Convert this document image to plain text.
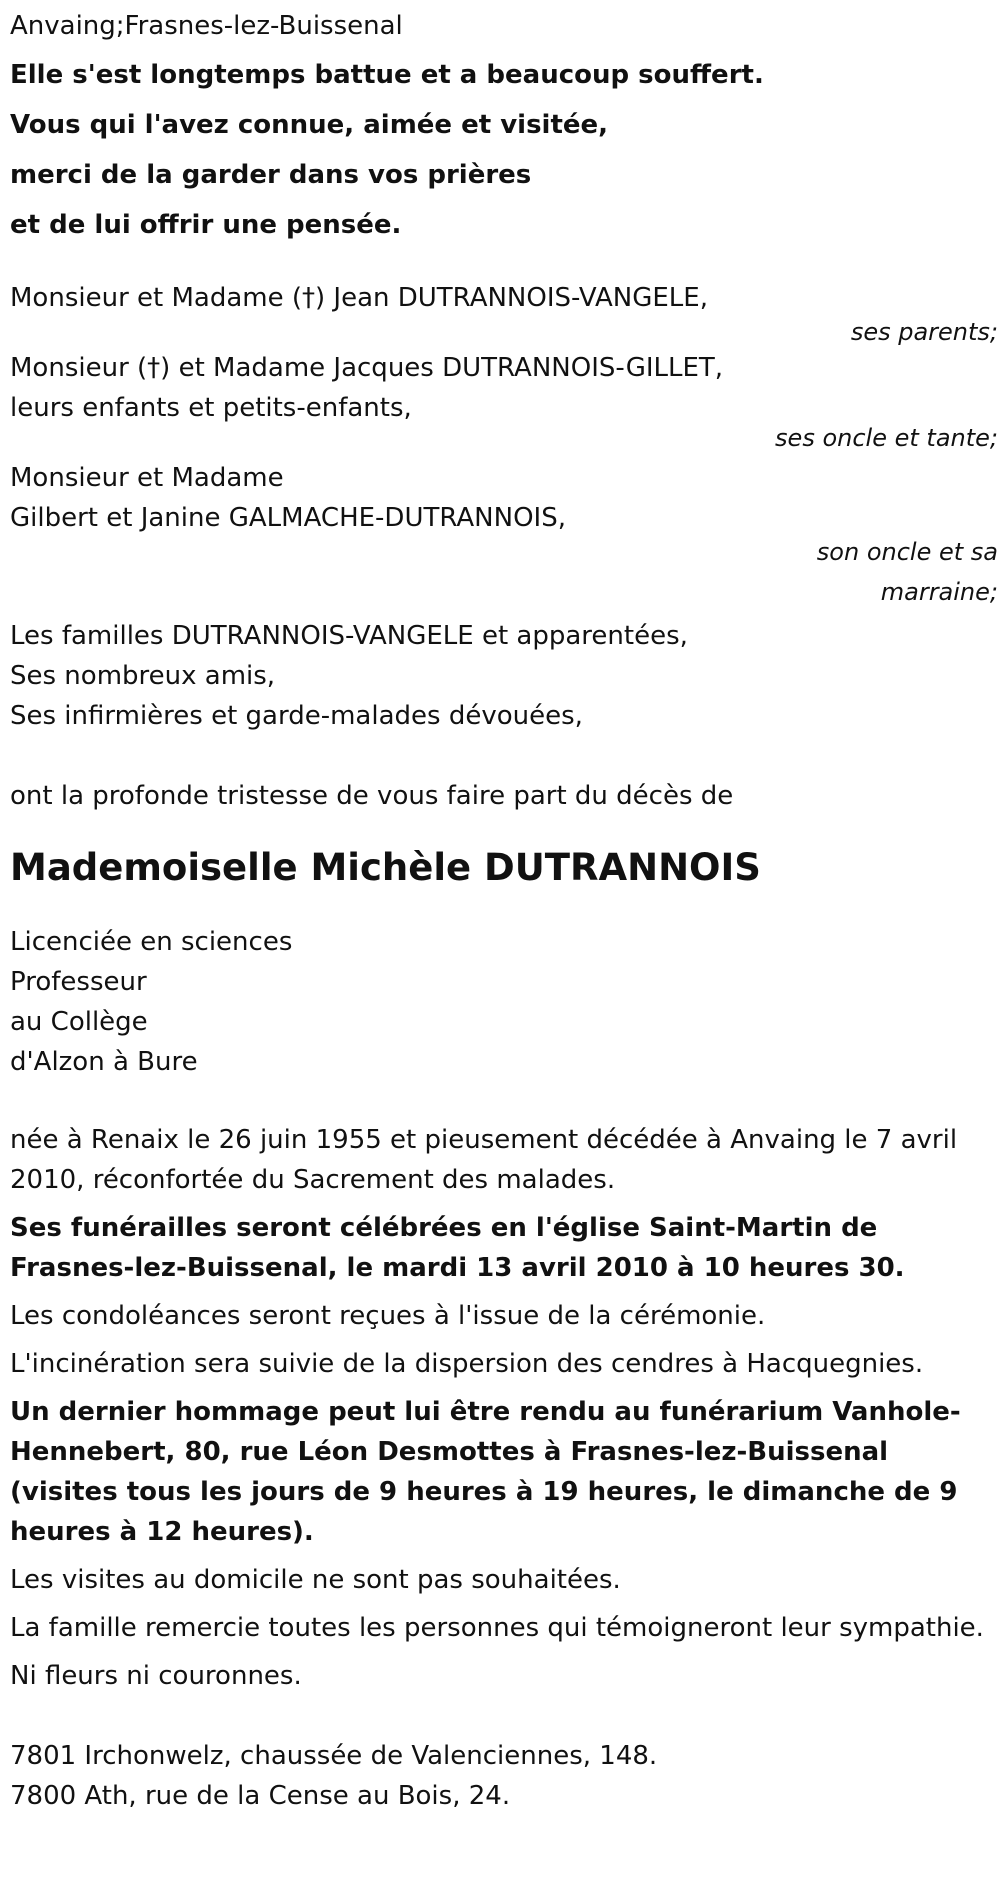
Anvaing;Frasnes-lez-Buissenal
Elle s'est longtemps battue et a beaucoup souffert.
Vous qui l'avez connue, aimée et visitée,
merci de la garder dans vos prières
et de lui offrir une pensée.
Monsieur et Madame (†) Jean DUTRANNOIS-VANGELE,
ses parents;
Monsieur (†) et Madame Jacques DUTRANNOIS-GILLET,
leurs enfants et petits-enfants,
ses oncle et tante;
Monsieur et Madame
Gilbert et Janine GALMACHE-DUTRANNOIS,
son oncle et sa
marraine;
Les familles DUTRANNOIS-VANGELE et apparentées,
Ses nombreux amis,
Ses infirmières et garde-malades dévouées,
ont la profonde tristesse de vous faire part du décès de
Mademoiselle Michèle DUTRANNOIS
Licenciée en sciences
Professeur
au Collège
d'Alzon à Bure
née à Renaix le 26 juin 1955 et pieusement décédée à Anvaing le 7 avril 2010, réconfortée du Sacrement des malades.
Ses funérailles seront célébrées en l'église Saint-Martin de Frasnes-lez-Buissenal, le mardi 13 avril 2010 à 10 heures 30.
Les condoléances seront reçues à l'issue de la cérémonie.
L'incinération sera suivie de la dispersion des cendres à Hacquegnies.
Un dernier hommage peut lui être rendu au funérarium Vanhole-Hennebert, 80, rue Léon Desmottes à Frasnes-lez-Buissenal (visites tous les jours de 9 heures à 19 heures, le dimanche de 9 heures à 12 heures).
Les visites au domicile ne sont pas souhaitées.
La famille remercie toutes les personnes qui témoigneront leur sympathie.
Ni fleurs ni couronnes.
7801 Irchonwelz, chaussée de Valenciennes, 148.
7800 Ath, rue de la Cense au Bois, 24.
